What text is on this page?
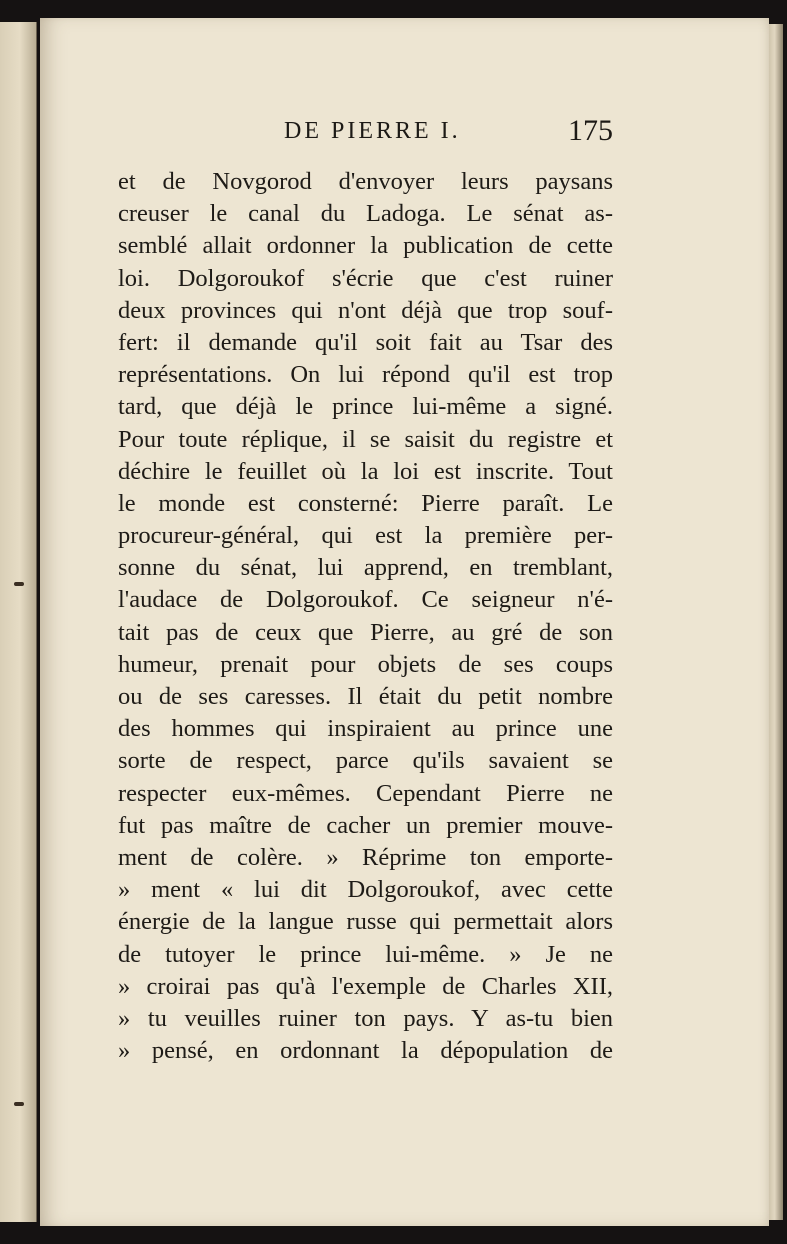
DE PIERRE I.	175
et de Novgorod d'envoyer leurs paysans
creuser le canal du Ladoga. Le sénat as-
semblé allait ordonner la publication de cette
loi. Dolgoroukof s'écrie que c'est ruiner
deux provinces qui n'ont déjà que trop souf-
fert: il demande qu'il soit fait au Tsar des
représentations. On lui répond qu'il est trop
tard, que déjà le prince lui-même a signé.
Pour toute réplique, il se saisit du registre et
déchire le feuillet où la loi est inscrite. Tout
le monde est consterné: Pierre paraît. Le
procureur-général, qui est la première per-
sonne du sénat, lui apprend, en tremblant,
l'audace de Dolgoroukof. Ce seigneur n'é-
tait pas de ceux que Pierre, au gré de son
humeur, prenait pour objets de ses coups
ou de ses caresses. Il était du petit nombre
des hommes qui inspiraient au prince une
sorte de respect, parce qu'ils savaient se
respecter eux-mêmes. Cependant Pierre ne
fut pas maître de cacher un premier mouve-
ment de colère. » Réprime ton emporte-
» ment « lui dit Dolgoroukof, avec cette
énergie de la langue russe qui permettait alors
de tutoyer le prince lui-même. » Je ne
» croirai pas qu'à l'exemple de Charles XII,
» tu veuilles ruiner ton pays. Y as-tu bien
» pensé, en ordonnant la dépopulation de
